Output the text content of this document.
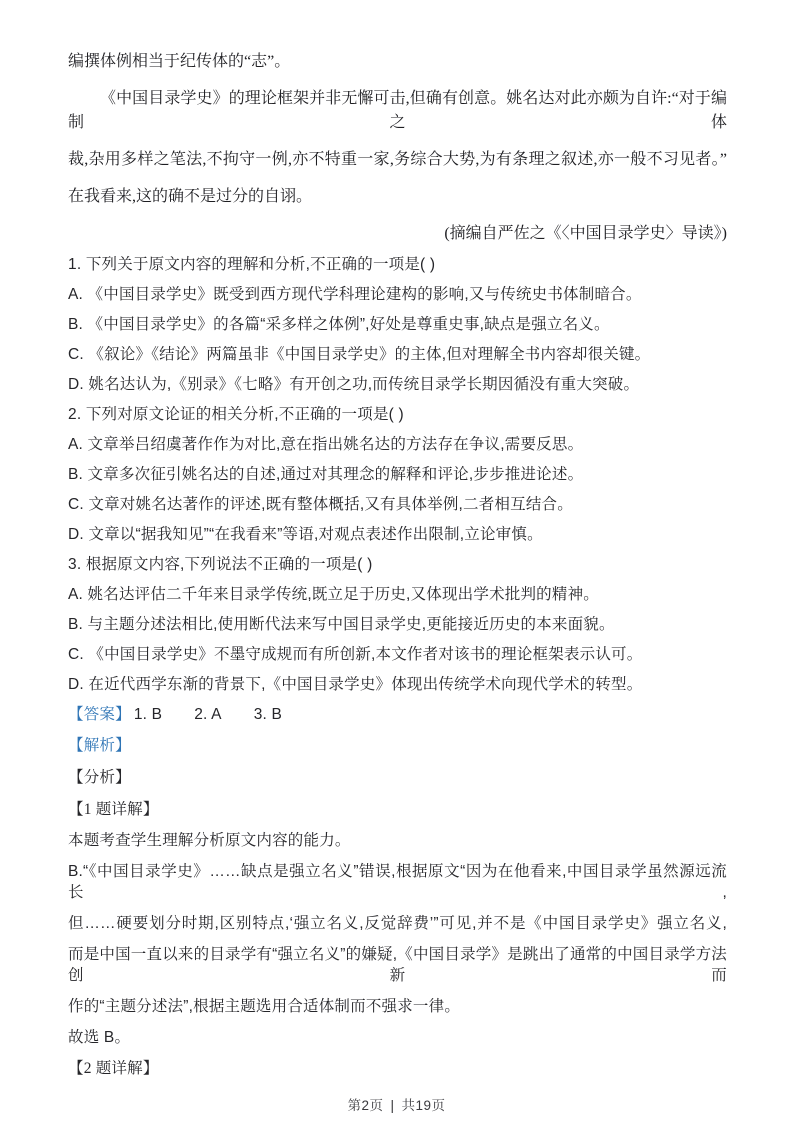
编撰体例相当于纪传体的“志”。

《中国目录学史》的理论框架并非无懈可击,但确有创意。姚名达对此亦颇为自许:“对于编制之体

裁,杂用多样之笔法,不拘守一例,亦不特重一家,务综合大势,为有条理之叙述,亦一般不习见者。”

在我看来,这的确不是过分的自诩。

(摘编自严佐之《〈中国目录学史〉导读》)

1. 下列关于原文内容的理解和分析,不正确的一项是( )

A. 《中国目录学史》既受到西方现代学科理论建构的影响,又与传统史书体制暗合。

B. 《中国目录学史》的各篇“采多样之体例”,好处是尊重史事,缺点是强立名义。

C. 《叙论》《结论》两篇虽非《中国目录学史》的主体,但对理解全书内容却很关键。

D. 姚名达认为,《别录》《七略》有开创之功,而传统目录学长期因循没有重大突破。

2. 下列对原文论证的相关分析,不正确的一项是( )

A. 文章举吕绍虞著作作为对比,意在指出姚名达的方法存在争议,需要反思。

B. 文章多次征引姚名达的自述,通过对其理念的解释和评论,步步推进论述。

C. 文章对姚名达著作的评述,既有整体概括,又有具体举例,二者相互结合。

D. 文章以“据我知见”“在我看来”等语,对观点表述作出限制,立论审慎。

3. 根据原文内容,下列说法不正确的一项是( )

A. 姚名达评估二千年来目录学传统,既立足于历史,又体现出学术批判的精神。

B. 与主题分述法相比,使用断代法来写中国目录学史,更能接近历史的本来面貌。

C. 《中国目录学史》不墨守成规而有所创新,本文作者对该书的理论框架表示认可。

D. 在近代西学东渐的背景下,《中国目录学史》体现出传统学术向现代学术的转型。

【答案】 1. B 2. A 3. B

【解析】

【分析】

【1 题详解】

本题考查学生理解分析原文内容的能力。

B.“《中国目录学史》……缺点是强立名义”错误,根据原文“因为在他看来,中国目录学虽然源远流长,

但……硬要划分时期,区别特点,‘强立名义,反觉辞费’”可见,并不是《中国目录学史》强立名义,

而是中国一直以来的目录学有“强立名义”的嫌疑,《中国目录学》是跳出了通常的中国目录学方法创新而

作的“主题分述法”,根据主题选用合适体制而不强求一律。

故选 B。

【2 题详解】

第2页 | 共19页
